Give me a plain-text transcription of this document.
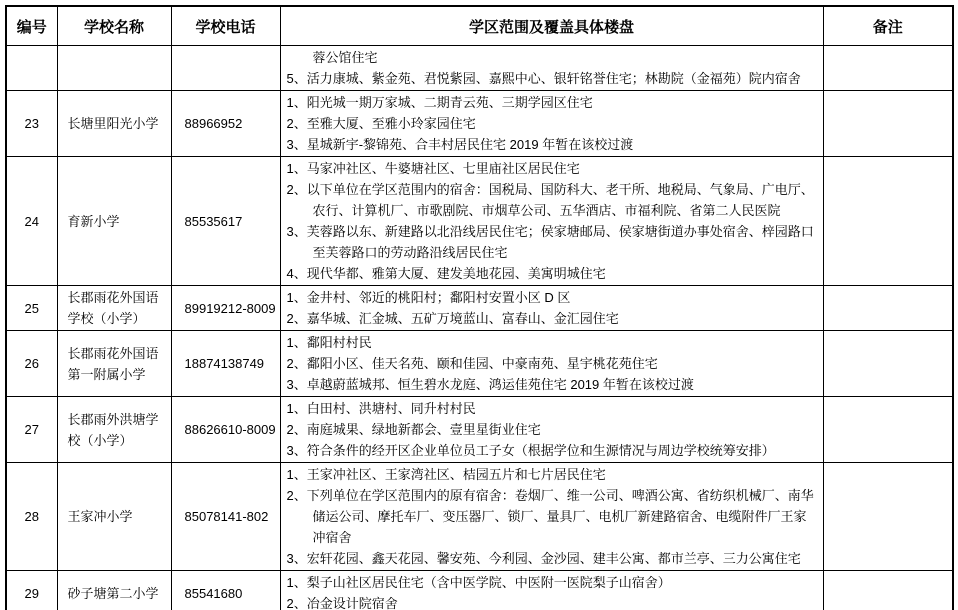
编号	学校名称	学校电话	学区范围及覆盖具体楼盘	备注

			　　蓉公馆住宅
5、活力康城、紫金苑、君悦紫园、嘉熙中心、银轩铭誉住宅；林勘院（金福苑）院内宿舍	

23	长塘里阳光小学	88966952	1、阳光城一期万家城、二期青云苑、三期学园区住宅
2、至雅大厦、至雅小玲家园住宅
3、星城新宇-黎锦苑、合丰村居民住宅 2019 年暂在该校过渡	

24	育新小学	85535617	1、马家冲社区、牛婆塘社区、七里庙社区居民住宅
2、以下单位在学区范围内的宿舍：国税局、国防科大、老干所、地税局、气象局、广电厅、农行、计算机厂、市歌剧院、市烟草公司、五华酒店、市福利院、省第二人民医院
3、芙蓉路以东、新建路以北沿线居民住宅；侯家塘邮局、侯家塘街道办事处宿舍、梓园路口至芙蓉路口的劳动路沿线居民住宅
4、现代华都、雅第大厦、建发美地花园、美寓明城住宅	

25	长郡雨花外国语学校（小学）	89919212-8009	1、金井村、邻近的桃阳村；鄱阳村安置小区 D 区
2、嘉华城、汇金城、五矿万境蓝山、富春山、金汇园住宅	

26	长郡雨花外国语第一附属小学	18874138749	1、鄱阳村村民
2、鄱阳小区、佳天名苑、颐和佳园、中豪南苑、星宇桃花苑住宅
3、卓越蔚蓝城邦、恒生碧水龙庭、鸿运佳苑住宅 2019 年暂在该校过渡	

27	长郡雨外洪塘学校（小学）	88626610-8009	1、白田村、洪塘村、同升村村民
2、南庭城果、绿地新都会、壹里星街业住宅
3、符合条件的经开区企业单位员工子女（根据学位和生源情况与周边学校统筹安排）	

28	王家冲小学	85078141-802	1、王家冲社区、王家湾社区、桔园五片和七片居民住宅
2、下列单位在学区范围内的原有宿舍：卷烟厂、维一公司、啤酒公寓、省纺织机械厂、南华储运公司、摩托车厂、变压器厂、锁厂、量具厂、电机厂新建路宿舍、电缆附件厂王家冲宿舍
3、宏轩花园、鑫天花园、馨安苑、今利园、金沙园、建丰公寓、都市兰亭、三力公寓住宅	

29	砂子塘第二小学	85541680	1、梨子山社区居民住宅（含中医学院、中医附一医院梨子山宿舍）
2、冶金设计院宿舍	
